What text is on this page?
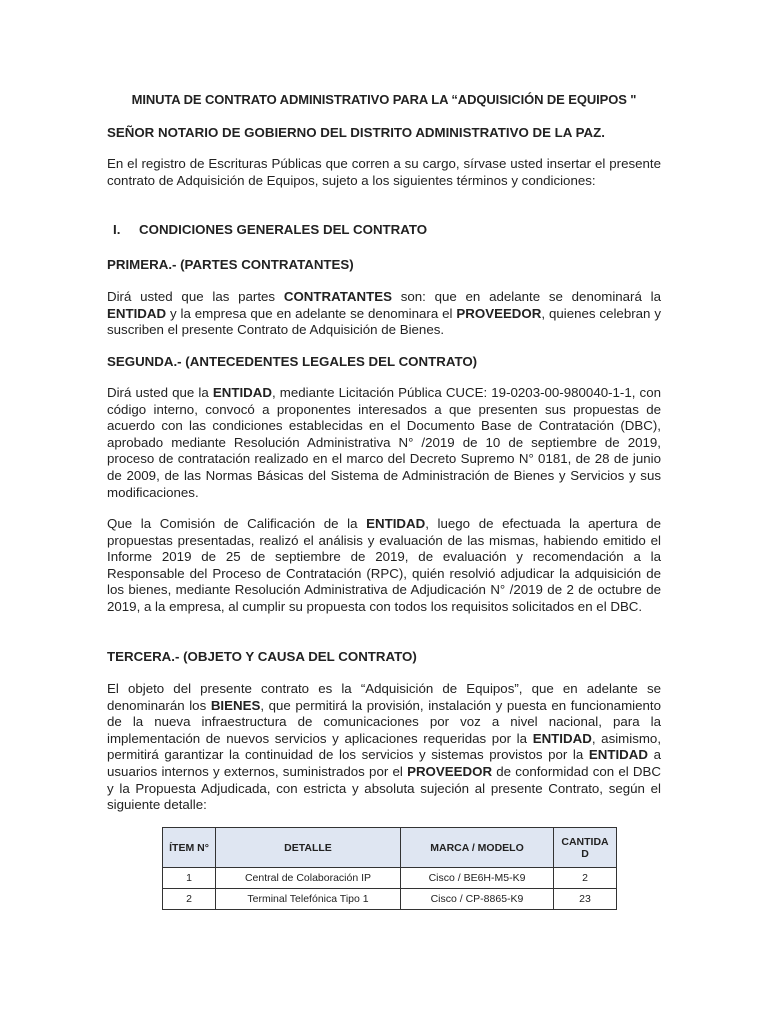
MINUTA DE CONTRATO ADMINISTRATIVO PARA LA “ADQUISICIÓN DE EQUIPOS "
SEÑOR NOTARIO DE GOBIERNO DEL DISTRITO ADMINISTRATIVO DE LA PAZ.

En el registro de Escrituras Públicas que corren a su cargo, sírvase usted insertar el presente contrato de Adquisición de Equipos, sujeto a los siguientes términos y condiciones:

PRIMERA.- (PARTES CONTRATANTES)

Dirá usted que las partes CONTRATANTES son: que en adelante se denominará la ENTIDAD y la empresa que en adelante se denominara el PROVEEDOR, quienes celebran y suscriben el presente Contrato de Adquisición de Bienes.

SEGUNDA.- (ANTECEDENTES LEGALES DEL CONTRATO)

Dirá usted que la ENTIDAD, mediante Licitación Pública CUCE: 19-0203-00-980040-1-1, con código interno, convocó a proponentes interesados a que presenten sus propuestas de acuerdo con las condiciones establecidas en el Documento Base de Contratación (DBC), aprobado mediante Resolución Administrativa N° /2019 de 10 de septiembre de 2019, proceso de contratación realizado en el marco del Decreto Supremo N° 0181, de 28 de junio de 2009, de las Normas Básicas del Sistema de Administración de Bienes y Servicios y sus modificaciones.

Que la Comisión de Calificación de la ENTIDAD, luego de efectuada la apertura de propuestas presentadas, realizó el análisis y evaluación de las mismas, habiendo emitido el Informe 2019 de 25 de septiembre de 2019, de evaluación y recomendación a la Responsable del Proceso de Contratación (RPC), quién resolvió adjudicar la adquisición de los bienes, mediante Resolución Administrativa de Adjudicación N° /2019 de 2 de octubre de 2019, a la empresa, al cumplir su propuesta con todos los requisitos solicitados en el DBC.

TERCERA.- (OBJETO Y CAUSA DEL CONTRATO)

El objeto del presente contrato es la “Adquisición de Equipos”, que en adelante se denominarán los BIENES, que permitirá la provisión, instalación y puesta en funcionamiento de la nueva infraestructura de comunicaciones por voz a nivel nacional, para la implementación de nuevos servicios y aplicaciones requeridas por la ENTIDAD, asimismo, permitirá garantizar la continuidad de los servicios y sistemas provistos por la ENTIDAD a usuarios internos y externos, suministrados por el PROVEEDOR de conformidad con el DBC y la Propuesta Adjudicada, con estricta y absoluta sujeción al presente Contrato, según el siguiente detalle:

I. CONDICIONES GENERALES DEL CONTRATO
ÍTEM N°	DETALLE	MARCA / MODELO	CANTIDA
D
1	Central de Colaboración IP	Cisco / BE6H-M5-K9	2
2	Terminal Telefónica Tipo 1	Cisco / CP-8865-K9	23
